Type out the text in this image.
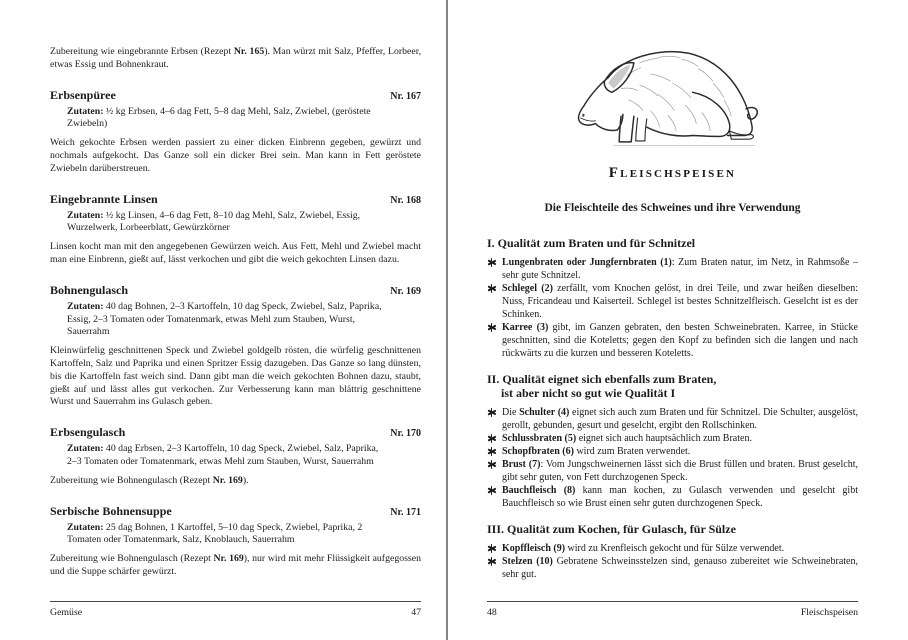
Zubereitung wie eingebrannte Erbsen (Rezept Nr. 165). Man würzt mit Salz, Pfeffer, Lorbeer, etwas Essig und Bohnenkraut.

Erbsenpüree	Nr. 167

Zutaten: ½ kg Erbsen, 4–6 dag Fett, 5–8 dag Mehl, Salz, Zwiebel, (geröstete Zwiebeln)

Weich gekochte Erbsen werden passiert zu einer dicken Einbrenn gegeben, gewürzt und nochmals aufgekocht. Das Ganze soll ein dicker Brei sein. Man kann in Fett geröstete Zwiebeln darüberstreuen.

Eingebrannte Linsen	Nr. 168

Zutaten: ½ kg Linsen, 4–6 dag Fett, 8–10 dag Mehl, Salz, Zwiebel, Essig, Wurzelwerk, Lorbeerblatt, Gewürzkörner

Linsen kocht man mit den angegebenen Gewürzen weich. Aus Fett, Mehl und Zwiebel macht man eine Einbrenn, gießt auf, lässt verkochen und gibt die weich gekochten Linsen dazu.

Bohnengulasch	Nr. 169

Zutaten: 40 dag Bohnen, 2–3 Kartoffeln, 10 dag Speck, Zwiebel, Salz, Paprika, Essig, 2–3 Tomaten oder Tomatenmark, etwas Mehl zum Stauben, Wurst, Sauerrahm

Kleinwürfelig geschnittenen Speck und Zwiebel goldgelb rösten, die würfelig geschnittenen Kartoffeln, Salz und Paprika und einen Spritzer Essig dazugeben. Das Ganze so lang dünsten, bis die Kartoffeln fast weich sind. Dann gibt man die weich gekochten Bohnen dazu, staubt, gießt auf und lässt alles gut verkochen. Zur Verbesserung kann man blättrig geschnittene Wurst und Sauerrahm ins Gulasch geben.

Erbsengulasch	Nr. 170

Zutaten: 40 dag Erbsen, 2–3 Kartoffeln, 10 dag Speck, Zwiebel, Salz, Paprika, 2–3 Tomaten oder Tomatenmark, etwas Mehl zum Stauben, Wurst, Sauerrahm

Zubereitung wie Bohnengulasch (Rezept Nr. 169).

Serbische Bohnensuppe	Nr. 171

Zutaten: 25 dag Bohnen, 1 Kartoffel, 5–10 dag Speck, Zwiebel, Paprika, 2 Tomaten oder Tomatenmark, Salz, Knoblauch, Sauerrahm

Zubereitung wie Bohnengulasch (Rezept Nr. 169), nur wird mit mehr Flüssigkeit aufgegossen und die Suppe schärfer gewürzt.

Gemüse	47
Fleischspeisen
Die Fleischteile des Schweines und ihre Verwendung
I. Qualität zum Braten und für Schnitzel
Lungenbraten oder Jungfernbraten (1): Zum Braten natur, im Netz, in Rahmsoße – sehr gute Schnitzel.
Schlegel (2) zerfällt, vom Knochen gelöst, in drei Teile, und zwar heißen dieselben: Nuss, Fricandeau und Kaiserteil. Schlegel ist bestes Schnitzelfleisch. Geselcht ist es der Schinken.
Karree (3) gibt, im Ganzen gebraten, den besten Schweinebraten. Karree, in Stücke geschnitten, sind die Koteletts; gegen den Kopf zu befinden sich die langen und nach rückwärts zu die kurzen und besseren Koteletts.
II. Qualität eignet sich ebenfalls zum Braten,
ist aber nicht so gut wie Qualität I
Die Schulter (4) eignet sich auch zum Braten und für Schnitzel. Die Schulter, ausgelöst, gerollt, gebunden, gesurt und geselcht, ergibt den Rollschinken.
Schlussbraten (5) eignet sich auch hauptsächlich zum Braten.
Schopfbraten (6) wird zum Braten verwendet.
Brust (7): Vom Jungschweinernen lässt sich die Brust füllen und braten. Brust geselcht, gibt sehr guten, von Fett durchzogenen Speck.
Bauchfleisch (8) kann man kochen, zu Gulasch verwenden und geselcht gibt Bauchfleisch so wie Brust einen sehr guten durchzogenen Speck.
III. Qualität zum Kochen, für Gulasch, für Sülze
Kopffleisch (9) wird zu Krenfleisch gekocht und für Sülze verwendet.
Stelzen (10) Gebratene Schweinsstelzen sind, genauso zubereitet wie Schweinebraten, sehr gut.
48	Fleischspeisen
